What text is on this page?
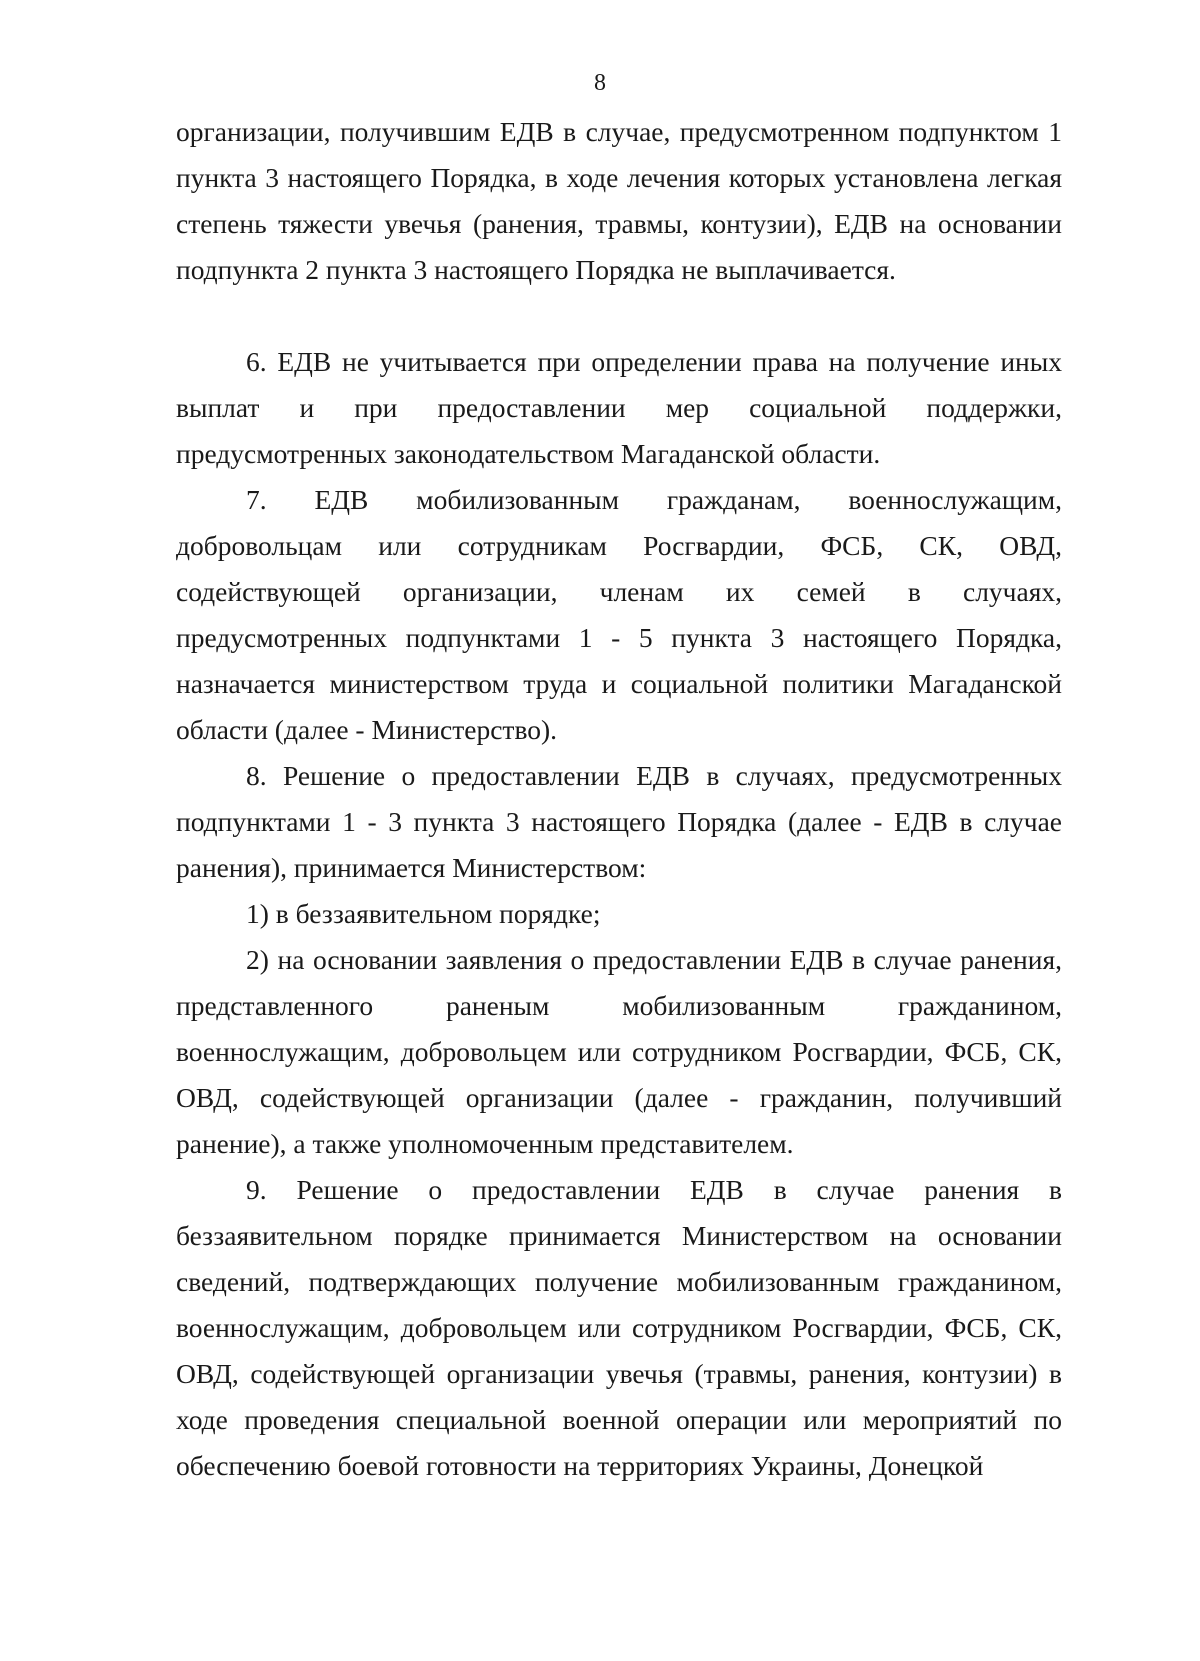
8

организации, получившим ЕДВ в случае, предусмотренном подпунктом 1 пункта 3 настоящего Порядка, в ходе лечения которых установлена легкая степень тяжести увечья (ранения, травмы, контузии), ЕДВ на основании подпункта 2 пункта 3 настоящего Порядка не выплачивается.

6. ЕДВ не учитывается при определении права на получение иных выплат и при предоставлении мер социальной поддержки, предусмотренных законодательством Магаданской области.

7. ЕДВ мобилизованным гражданам, военнослужащим, добровольцам или сотрудникам Росгвардии, ФСБ, СК, ОВД, содействующей организации, членам их семей в случаях, предусмотренных подпунктами 1 - 5 пункта 3 настоящего Порядка, назначается министерством труда и социальной политики Магаданской области (далее - Министерство).

8. Решение о предоставлении ЕДВ в случаях, предусмотренных подпунктами 1 - 3 пункта 3 настоящего Порядка (далее - ЕДВ в случае ранения), принимается Министерством:

1) в беззаявительном порядке;

2) на основании заявления о предоставлении ЕДВ в случае ранения, представленного раненым мобилизованным гражданином, военнослужащим, добровольцем или сотрудником Росгвардии, ФСБ, СК, ОВД, содействующей организации (далее - гражданин, получивший ранение), а также уполномоченным представителем.

9. Решение о предоставлении ЕДВ в случае ранения в беззаявительном порядке принимается Министерством на основании сведений, подтверждающих получение мобилизованным гражданином, военнослужащим, добровольцем или сотрудником Росгвардии, ФСБ, СК, ОВД, содействующей организации увечья (травмы, ранения, контузии) в ходе проведения специальной военной операции или мероприятий по обеспечению боевой готовности на территориях Украины, Донецкой
